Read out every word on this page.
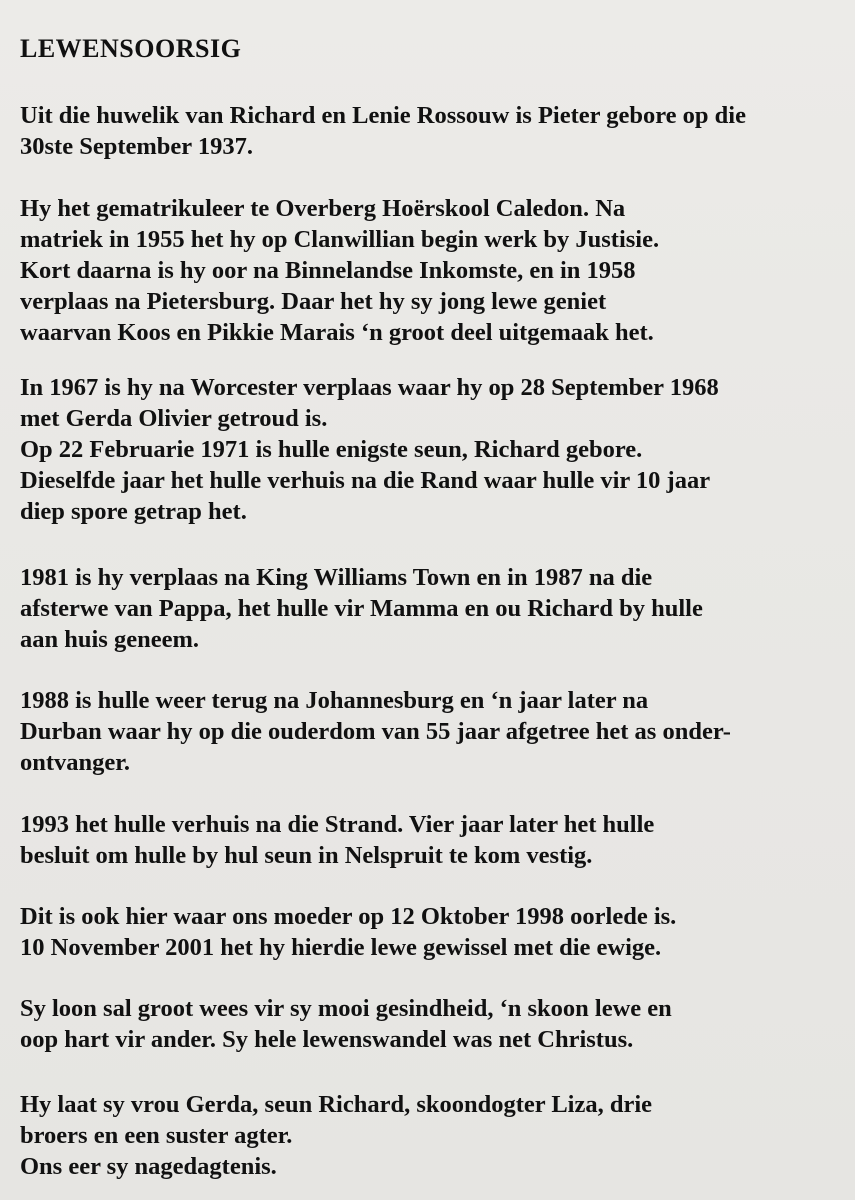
LEWENSOORSIG

Uit die huwelik van Richard en Lenie Rossouw is Pieter gebore op die
30ste September 1937.

Hy het gematrikuleer te Overberg Hoërskool Caledon. Na
matriek in 1955 het hy op Clanwillian begin werk by Justisie.
Kort daarna is hy oor na Binnelandse Inkomste, en in 1958
verplaas na Pietersburg. Daar het hy sy jong lewe geniet
waarvan Koos en Pikkie Marais ‘n groot deel uitgemaak het.

In 1967 is hy na Worcester verplaas waar hy op 28 September 1968
met Gerda Olivier getroud is.
Op 22 Februarie 1971 is hulle enigste seun, Richard gebore.
Dieselfde jaar het hulle verhuis na die Rand waar hulle vir 10 jaar
diep spore getrap het.

1981 is hy verplaas na King Williams Town en in 1987 na die
afsterwe van Pappa, het hulle vir Mamma en ou Richard by hulle
aan huis geneem.

1988 is hulle weer terug na Johannesburg en ‘n jaar later na
Durban waar hy op die ouderdom van 55 jaar afgetree het as onder-
ontvanger.

1993 het hulle verhuis na die Strand. Vier jaar later het hulle
besluit om hulle by hul seun in Nelspruit te kom vestig.

Dit is ook hier waar ons moeder op 12 Oktober 1998 oorlede is.
10 November 2001 het hy hierdie lewe gewissel met die ewige.

Sy loon sal groot wees vir sy mooi gesindheid, ‘n skoon lewe en
oop hart vir ander. Sy hele lewenswandel was net Christus.

Hy laat sy vrou Gerda, seun Richard, skoondogter Liza, drie
broers en een suster agter.
Ons eer sy nagedagtenis.
